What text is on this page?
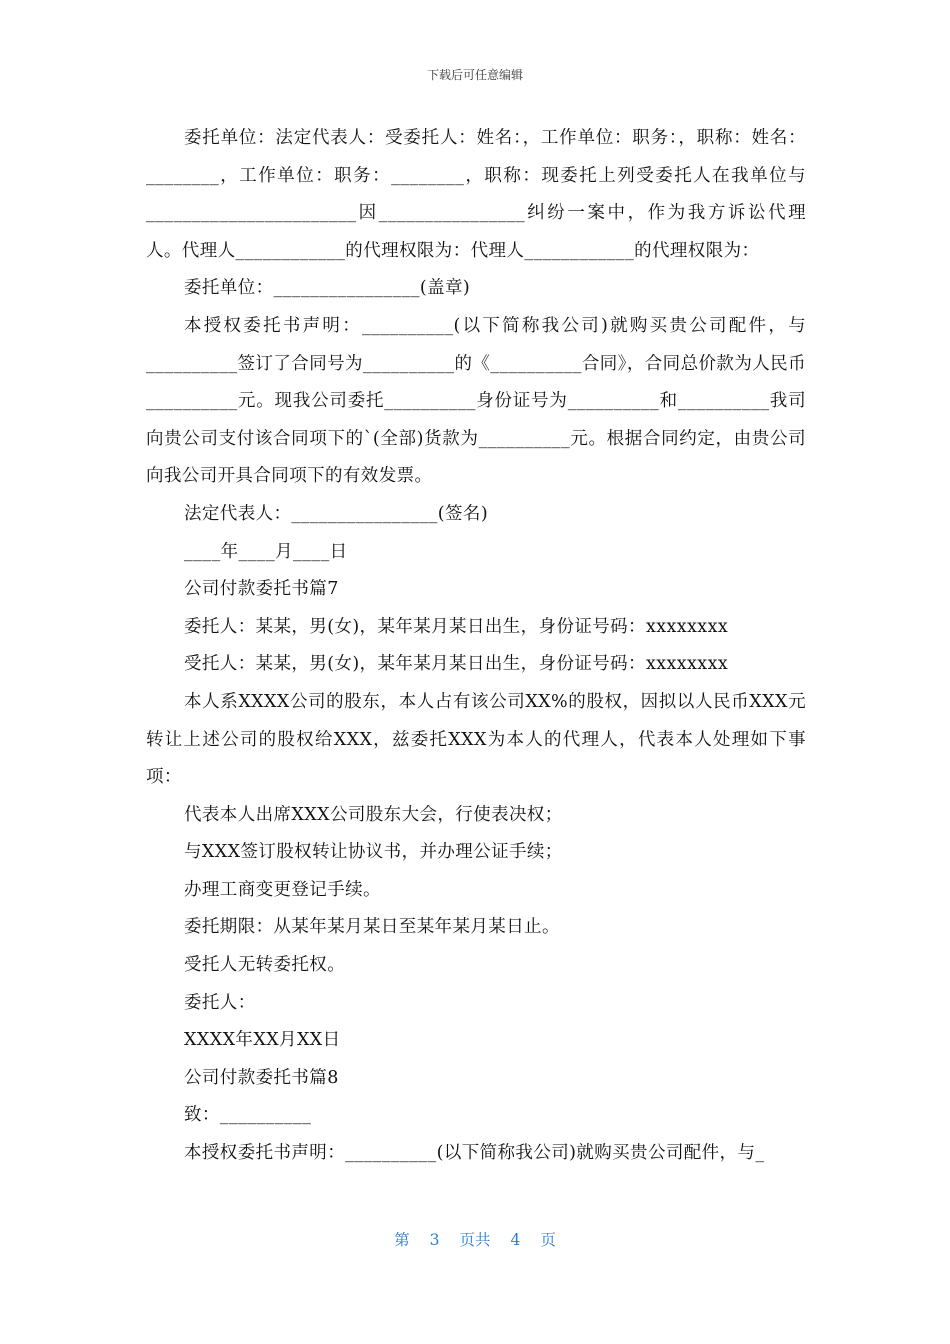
下载后可任意编辑

委托单位：法定代表人：受委托人：姓名：，工作单位：职务：，职称：姓名：________，工作单位：职务：________，职称：现委托上列受委托人在我单位与_______________________因________________纠纷一案中，作为我方诉讼代理人。代理人____________的代理权限为：代理人____________的代理权限为：

委托单位：________________(盖章)

本授权委托书声明：__________(以下简称我公司)就购买贵公司配件，与__________签订了合同号为__________的《__________合同》，合同总价款为人民币__________元。现我公司委托__________身份证号为__________和__________我司向贵公司支付该合同项下的`(全部)货款为__________元。根据合同约定，由贵公司向我公司开具合同项下的有效发票。

法定代表人：________________(签名)

____年____月____日

公司付款委托书篇7

委托人：某某，男(女)，某年某月某日出生，身份证号码：xxxxxxxx

受托人：某某，男(女)，某年某月某日出生，身份证号码：xxxxxxxx

本人系XXXX公司的股东，本人占有该公司XX%的股权，因拟以人民币XXX元转让上述公司的股权给XXX，兹委托XXX为本人的代理人，代表本人处理如下事项：

代表本人出席XXX公司股东大会，行使表决权；

与XXX签订股权转让协议书，并办理公证手续；

办理工商变更登记手续。

委托期限：从某年某月某日至某年某月某日止。

受托人无转委托权。

委托人：

XXXX年XX月XX日

公司付款委托书篇8

致：__________

本授权委托书声明：__________(以下简称我公司)就购买贵公司配件，与_

第 3 页共 4 页
